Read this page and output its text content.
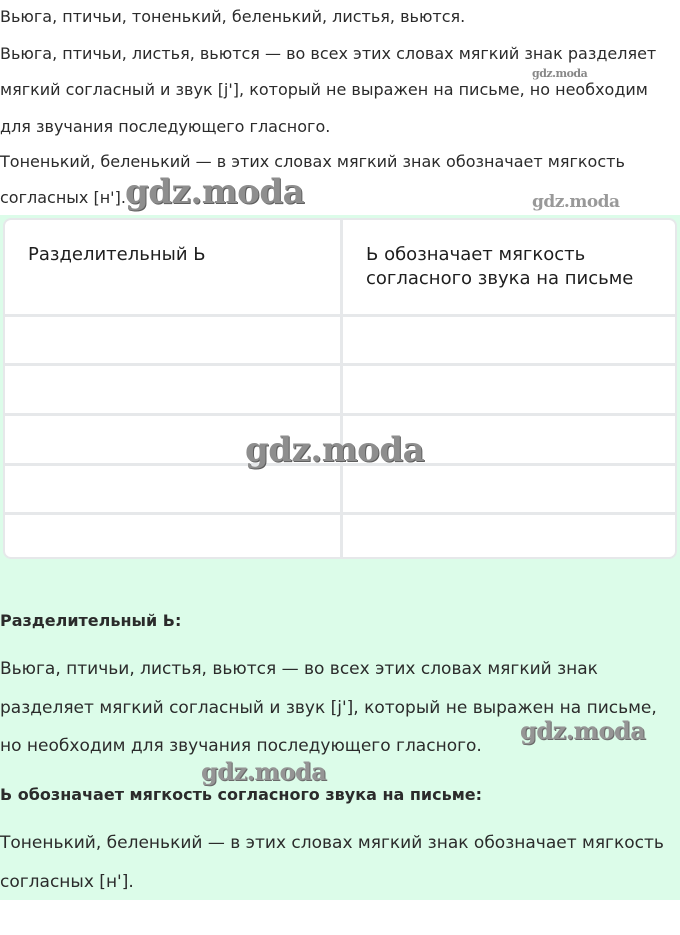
Вьюга, птичьи, тоненький, беленький, листья, вьются.
Вьюга, птичьи, листья, вьются — во всех этих словах мягкий знак разделяет
мягкий согласный и звук [j'], который не выражен на письме, но необходим
для звучания последующего гласного.
Тоненький, беленький — в этих словах мягкий знак обозначает мягкость
согласных [н'].
Разделительный Ь	Ь обозначает мягкость
согласного звука на письме
Разделительный Ь:
Вьюга, птичьи, листья, вьются — во всех этих словах мягкий знак
разделяет мягкий согласный и звук [j'], который не выражен на письме,
но необходим для звучания последующего гласного.
Ь обозначает мягкость согласного звука на письме:
Тоненький, беленький — в этих словах мягкий знак обозначает мягкость
согласных [н'].
gdz.moda
gdz.moda	gdz.moda
gdz.moda
gdz.moda
gdz.moda
